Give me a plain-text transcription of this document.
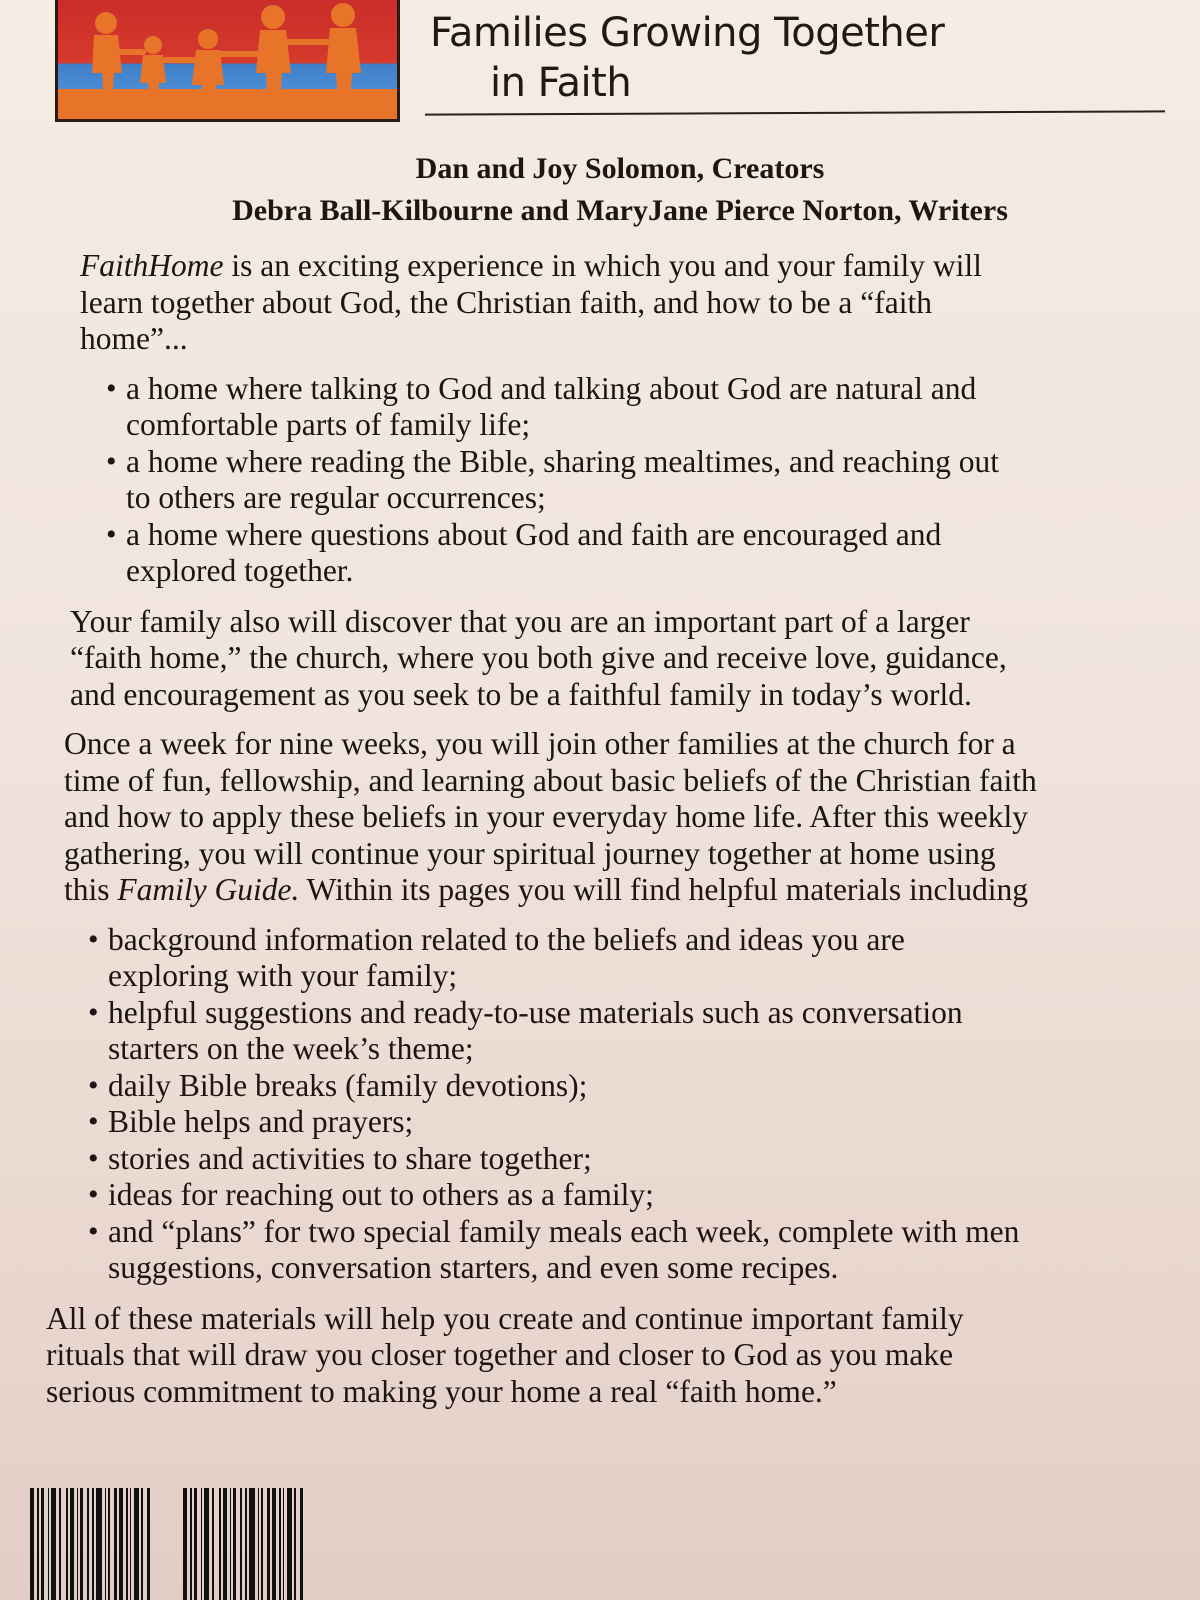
Families Growing Together
in Faith
Dan and Joy Solomon, Creators
Debra Ball-Kilbourne and MaryJane Pierce Norton, Writers

FaithHome is an exciting experience in which you and your family will
learn together about God, the Christian faith, and how to be a “faith
home”...

• a home where talking to God and talking about God are natural and
comfortable parts of family life;
• a home where reading the Bible, sharing mealtimes, and reaching out
to others are regular occurrences;
• a home where questions about God and faith are encouraged and
explored together.

Your family also will discover that you are an important part of a larger
“faith home,” the church, where you both give and receive love, guidance,
and encouragement as you seek to be a faithful family in today’s world.

Once a week for nine weeks, you will join other families at the church for a
time of fun, fellowship, and learning about basic beliefs of the Christian faith
and how to apply these beliefs in your everyday home life. After this weekly
gathering, you will continue your spiritual journey together at home using
this Family Guide. Within its pages you will find helpful materials including

• background information related to the beliefs and ideas you are
exploring with your family;
• helpful suggestions and ready-to-use materials such as conversation
starters on the week’s theme;
• daily Bible breaks (family devotions);
• Bible helps and prayers;
• stories and activities to share together;
• ideas for reaching out to others as a family;
• and “plans” for two special family meals each week, complete with men
suggestions, conversation starters, and even some recipes.

All of these materials will help you create and continue important family
rituals that will draw you closer together and closer to God as you make
serious commitment to making your home a real “faith home.”
